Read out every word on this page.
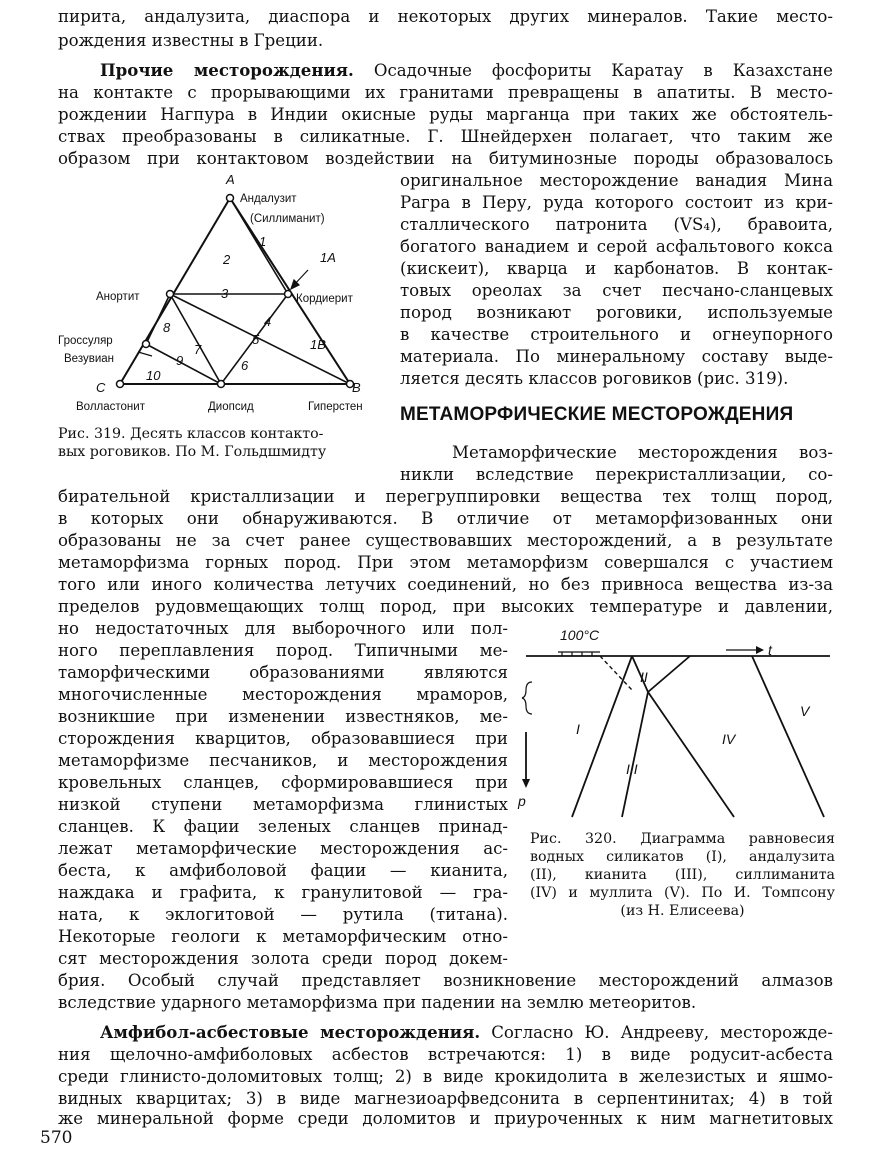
пирита, андалузита, диаспора и некоторых других минералов. Такие место-
рождения известны в Греции.
Прочие месторождения. Осадочные фосфориты Каратау в Казахстане
на контакте с прорывающими их гранитами превращены в апатиты. В место-
рождении Нагпура в Индии окисные руды марганца при таких же обстоятель-
ствах преобразованы в силикатные. Г. Шнейдерхен полагает, что таким же
образом при контактовом воздействии на битуминозные породы образовалось
оригинальное месторождение ванадия Мина
Рагра в Перу, руда которого состоит из кри-
сталлического патронита (VS₄), бравоита,
богатого ванадием и серой асфальтового кокса
(кискеит), кварца и карбонатов. В контак-
товых ореолах за счет песчано-сланцевых
пород возникают роговики, используемые
в качестве строительного и огнеупорного
материала. По минеральному составу выде-
ляется десять классов роговиков (рис. 319).
A
B
C
1
1А
2
3
4
5	1В
6
7
8
9
10
Андалузит
(Силлиманит)
Анортит	Кордиерит
Гроссуляр
Везувиан
Волластонит	Диопсид	Гиперстен
Рис. 319. Десять классов контакто-
вых роговиков. По М. Гольдшмидту
МЕТАМОРФИЧЕСКИЕ МЕСТОРОЖДЕНИЯ
Метаморфические месторождения воз-
никли вследствие перекристаллизации, со-
бирательной кристаллизации и перегруппировки вещества тех толщ пород,
в которых они обнаруживаются. В отличие от метаморфизованных они
образованы не за счет ранее существовавших месторождений, а в результате
метаморфизма горных пород. При этом метаморфизм совершался с участием
того или иного количества летучих соединений, но без привноса вещества из-за
пределов рудовмещающих толщ пород, при высоких температуре и давлении,
но недостаточных для выборочного или пол-
ного переплавления пород. Типичными ме-
таморфическими образованиями являются
многочисленные месторождения мраморов,
возникшие при изменении известняков, ме-
сторождения кварцитов, образовавшиеся при
метаморфизме песчаников, и месторождения
кровельных сланцев, сформировавшиеся при
низкой ступени метаморфизма глинистых
сланцев. К фации зеленых сланцев принад-
лежат метаморфические месторождения ас-
беста, к амфиболовой фации — кианита,
наждака и графита, к гранулитовой — гра-
ната, к эклогитовой — рутила (титана).
Некоторые геологи к метаморфическим отно-
сят месторождения золота среди пород докем-
брия. Особый случай представляет возникновение месторождений алмазов
вследствие ударного метаморфизма при падении на землю метеоритов.
100°C
t
p
I
II
III
IV
V
Рис. 320. Диаграмма равновесия
водных силикатов (I), андалузита
(II), кианита (III), силлиманита
(IV) и муллита (V). По И. Томпсону
(из Н. Елисеева)
Амфибол-асбестовые месторождения. Согласно Ю. Андрееву, месторожде-
ния щелочно-амфиболовых асбестов встречаются: 1) в виде родусит-асбеста
среди глинисто-доломитовых толщ; 2) в виде крокидолита в железистых и яшмо-
видных кварцитах; 3) в виде магнезиоарфведсонита в серпентинитах; 4) в той
же минеральной форме среди доломитов и приуроченных к ним магнетитовых
570
